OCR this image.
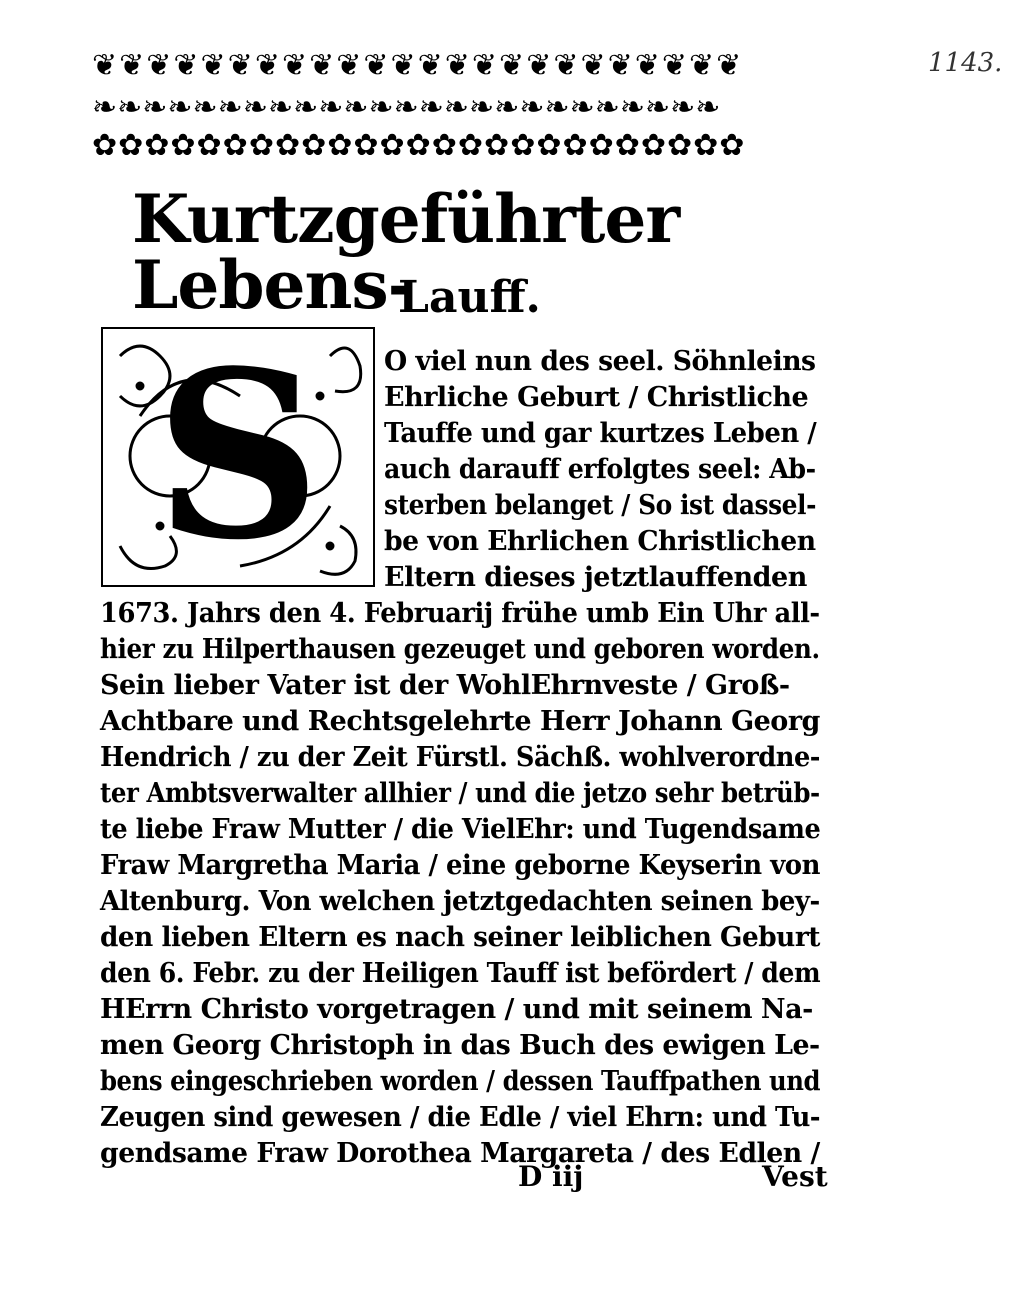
1143.
❦❦❦❦❦❦❦❦❦❦❦❦❦❦❦❦❦❦❦❦❦❦❦❦
❧❧❧❧❧❧❧❧❧❧❧❧❧❧❧❧❧❧❧❧❧❧❧❧❧
✿✿✿✿✿✿✿✿✿✿✿✿✿✿✿✿✿✿✿✿✿✿✿✿✿
Kurtzgeführter Lebens-
Lauff.
S O viel nun des seel. Söhnleins
Ehrliche Geburt / Christliche
Tauffe und gar kurtzes Leben /
auch darauff erfolgtes seel: Ab-
sterben belanget / So ist dassel-
be von Ehrlichen Christlichen
Eltern dieses jetztlauffenden
1673. Jahrs den 4. Februarij frühe umb Ein Uhr all-
hier zu Hilperthausen gezeuget und geboren worden.
Sein lieber Vater ist der WohlEhrnveste / Groß-
Achtbare und Rechtsgelehrte Herr Johann Georg
Hendrich / zu der Zeit Fürstl. Sächß. wohlverordne-
ter Ambtsverwalter allhier / und die jetzo sehr betrüb-
te liebe Fraw Mutter / die VielEhr: und Tugendsame
Fraw Margretha Maria / eine geborne Keyserin von
Altenburg. Von welchen jetztgedachten seinen bey-
den lieben Eltern es nach seiner leiblichen Geburt
den 6. Febr. zu der Heiligen Tauff ist befördert / dem
HErrn Christo vorgetragen / und mit seinem Na-
men Georg Christoph in das Buch des ewigen Le-
bens eingeschrieben worden / dessen Tauffpathen und
Zeugen sind gewesen / die Edle / viel Ehrn: und Tu-
gendsame Fraw Dorothea Margareta / des Edlen /
D iij	Vest
